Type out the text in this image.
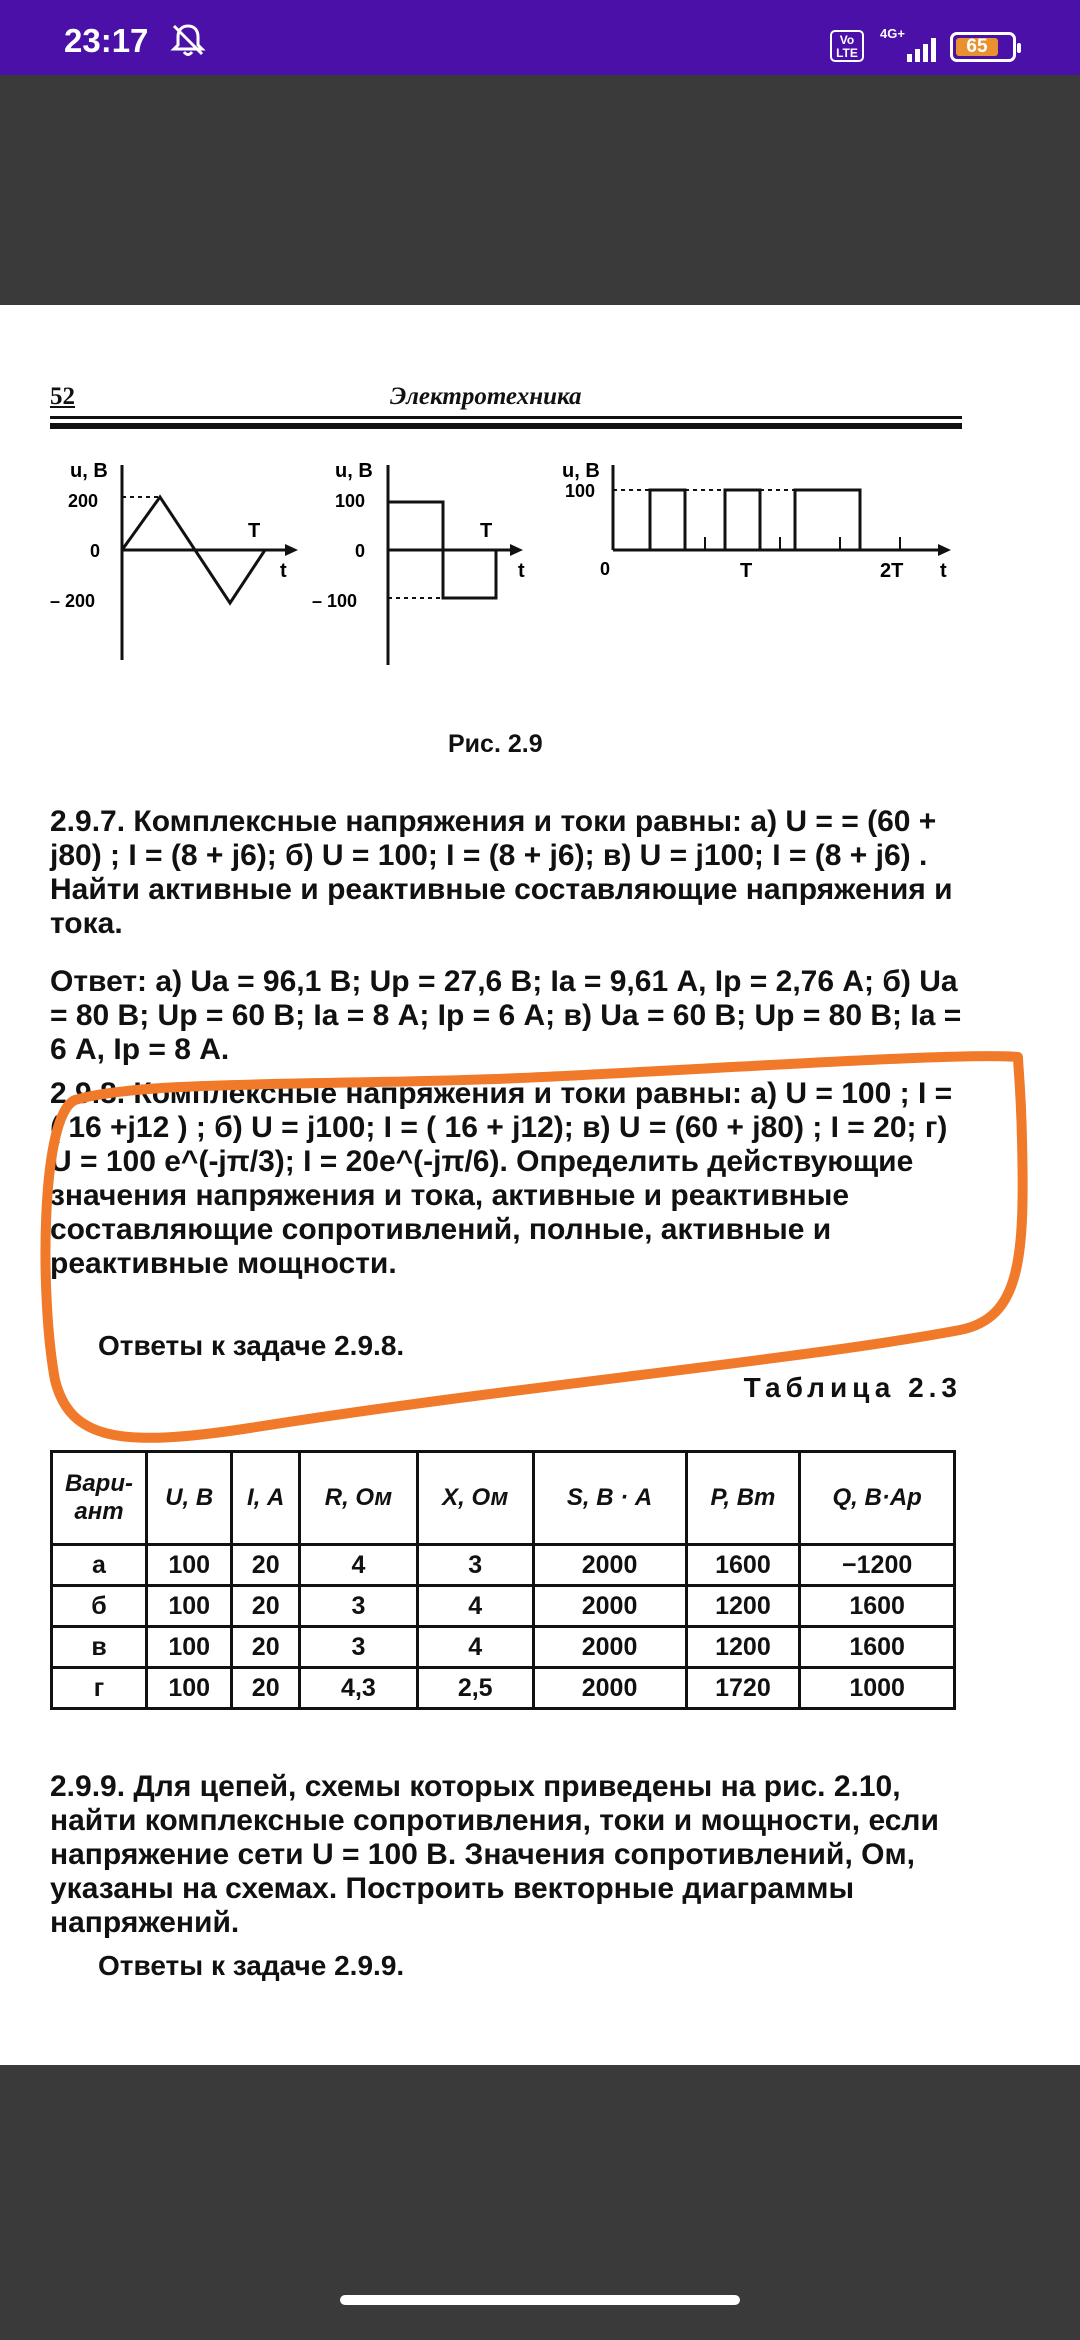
23:17	Vo LTE
4G+
65
52	Электротехника
u, B
200
0
– 200
T
t
u, B
100
0
– 100
T
t
u, B
100
0	T	2T t
Рис. 2.9
2.9.7. Комплексные напряжения и токи равны: а) U = = (60 + j80) ; I = (8 + j6); б) U = 100; I = (8 + j6); в) U = j100; I = (8 + j6) . Найти активные и реактивные составляющие напряжения и тока.
Ответ: а) Uа = 96,1 В; Uр = 27,6 В; Iа = 9,61 А, Iр = 2,76 А; б) Uа = 80 В; Uр = 60 В; Iа = 8 А; Iр = 6 А; в) Uа = 60 В; Uр = 80 В; Iа = 6 А, Iр = 8 А.
2.9.8. Комплексные напряжения и токи равны: а) U = 100 ; I = ( 16 +j12 ) ; б) U = j100; I = ( 16 + j12); в) U = (60 + j80) ; I = 20; г) U = 100 e^(-jπ/3); I = 20e^(-jπ/6). Определить действующие значения напряжения и тока, активные и реактивные составляющие сопротивлений, полные, активные и реактивные мощности.
Ответы к задаче 2.9.8.
Таблица 2.3
Вари-ант	U, В	I, А	R, Ом	X, Ом	S, В · А	P, Вт	Q, В·Ар
а	100	20	4	3	2000	1600	−1200
б	100	20	3	4	2000	1200	1600
в	100	20	3	4	2000	1200	1600
г	100	20	4,3	2,5	2000	1720	1000
2.9.9. Для цепей, схемы которых приведены на рис. 2.10, найти комплексные сопротивления, токи и мощности, если напряжение сети U = 100 В. Значения сопротивлений, Ом, указаны на схемах. Построить векторные диаграммы напряжений.
Ответы к задаче 2.9.9.
